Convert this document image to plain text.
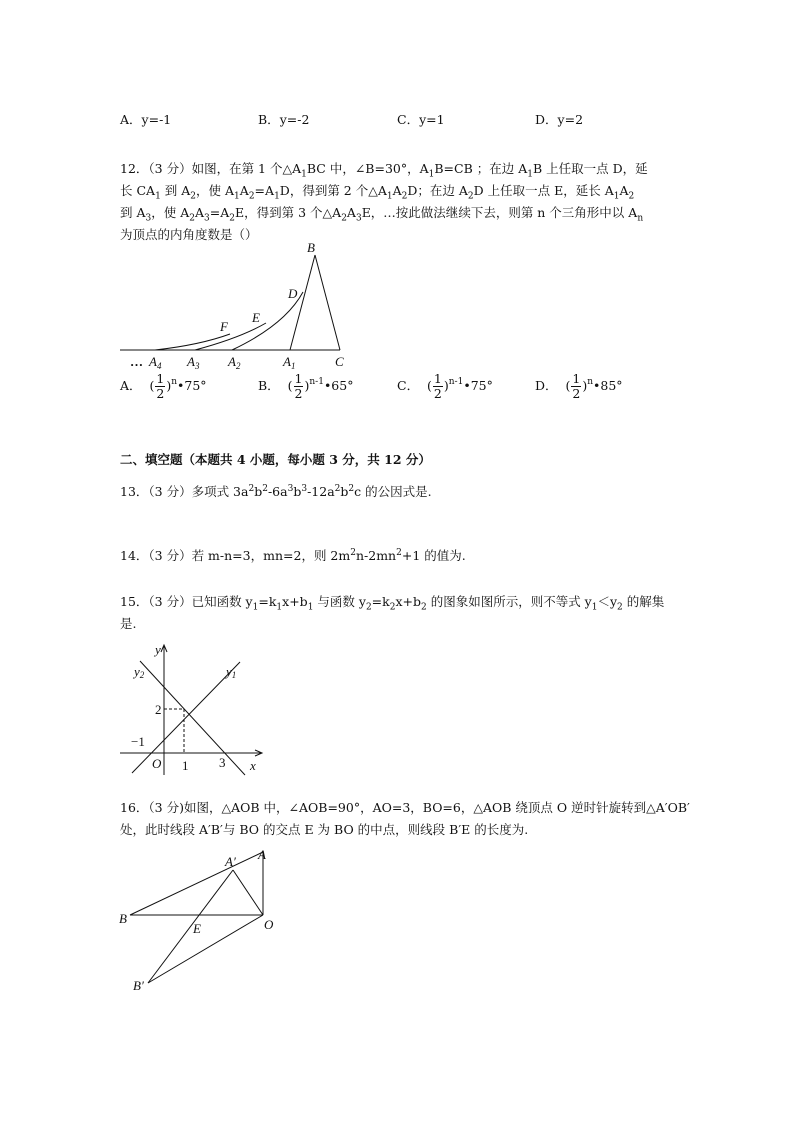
A．y=-1	B．y=-2	C．y=1	D．y=2
12．（3 分）如图，在第 1 个$\triangle A_1BC$ 中，∠B=30°，$A_1B=CB$ ；在边 $A_1B$ 上任取一点 D，延
长 $CA_1$ 到 $A_2$，使 $A_1A_2=A_1D$，得到第 2 个$\triangle A_1A_2D$；在边 $A_2D$ 上任取一点 E，延长 $A_1A_2$
到 $A_3$，使 $A_2A_3=A_2E$，得到第 3 个$\triangle A_2A_3E$，…按此做法继续下去，则第 n 个三角形中以 $A_n$
为顶点的内角度数是（）
B
D
E
F
… $A_4$ $A_3$ $A_2$	$A_1$	C
A．  ( $\frac{1}{2}$ )$^n$•75°	B．  ( $\frac{1}{2}$ )$^{n-1}$•65°	C．  ( $\frac{1}{2}$ )$^{n-1}$•75°	D．  ( $\frac{1}{2}$ )$^n$•85°
二、填空题（本题共 4 小题，每小题 3 分，共 12 分）
13．（3 分）多项式 $3a^2b^2-6a^3b^3-12a^2b^2c$ 的公因式是.
14．（3 分）若 m-n=3，mn=2，则 $2m^2n-2mn^2+1$ 的值为.
15．（3 分）已知函数 $y_1=k_1x+b_1$ 与函数 $y_2=k_2x+b_2$ 的图象如图所示，则不等式 $y_1<y_2$ 的解集
是.
y
y2	y1
2
−1
O 1 3 x
16．（3 分)如图，△AOB 中，∠AOB=90°，AO=3，BO=6，△AOB 绕顶点 O 逆时针旋转到△A′OB′
处，此时线段 A′B′与 BO 的交点 E 为 BO 的中点，则线段 B′E 的长度为.
A
A′
B
E	O
B′
